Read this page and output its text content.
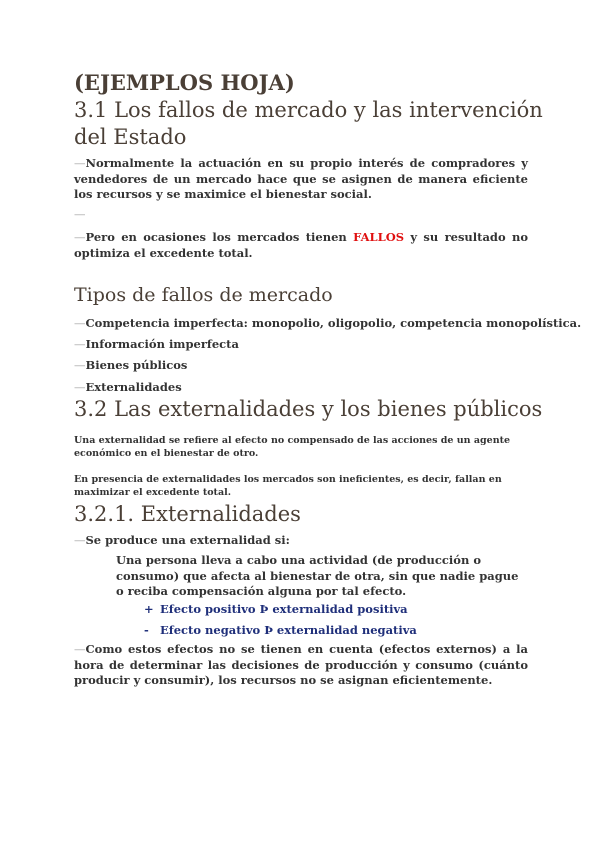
(EJEMPLOS HOJA)
3.1 Los fallos de mercado y las intervención
del Estado

—Normalmente la actuación en su propio interés de compradores y vendedores de un mercado hace que se asignen de manera eficiente los recursos y se maximice el bienestar social.

—

—Pero en ocasiones los mercados tienen FALLOS y su resultado no optimiza el excedente total.

Tipos de fallos de mercado

—Competencia imperfecta: monopolio, oligopolio, competencia monopolística.

—Información imperfecta

—Bienes públicos

—Externalidades

3.2 Las externalidades y los bienes públicos

Una externalidad se refiere al efecto no compensado de las acciones de un agente económico en el bienestar de otro.

En presencia de externalidades los mercados son ineficientes, es decir, fallan en maximizar el excedente total.

3.2.1. Externalidades

—Se produce una externalidad si:

Una persona lleva a cabo una actividad (de producción o consumo) que afecta al bienestar de otra, sin que nadie pague o reciba compensación alguna por tal efecto.

+ Efecto positivo Þ externalidad positiva

- Efecto negativo Þ externalidad negativa

—Como estos efectos no se tienen en cuenta (efectos externos) a la hora de determinar las decisiones de producción y consumo (cuánto producir y consumir), los recursos no se asignan eficientemente.
